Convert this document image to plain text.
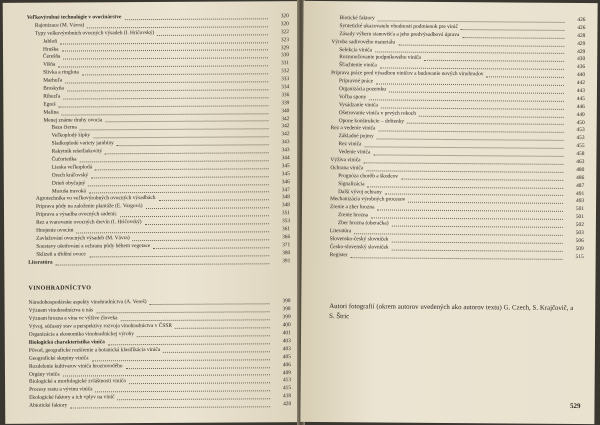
Veľkovýrobné technológie v ovocinárstve	320
Rajonizace (M. Vávra)	320
Typy velkovýrobních ovocných výsadeb (I. Hričovský)	322
Jabloň	323
Hruška	329
Čerešňa	330
Višňa	331
Slivka a ringlota	332
Marhuľa	333
Broskyňa	334
Ríbezľa	336
Egreš	339
Malina	340
Menej známe druhy ovocia	342
Baza čierna	342
Veľkoplodý šípky	342
Sladkoplodé variety jarabiny	343
Rakytník rešetliakovitý	343
Čučoriedka	344
Lieska veľkoplodá	345
Orech kráľovský	345
Drieň obyčajný	346
Moruša travoká	347
Agrotechnika vo veľkovýrobných ovocných výsadbách	348
Príprava pôdy na založenie plantáže (E. Vargová)	348
Príprava a výsadba ovocných sadeníc	351
Rez a tvarovanie ovocných drevín (I. Hričovský)	353
Hnojenie ovocím	361
Zavlažování ovocných výsadeb (M. Vávra)	366
Soustavy ošetřování a ochranu půdy během vegetace	371
Sklizeň a třídění ovoce	380
Literatúra	391
VINOHRADNÍCTVO
Národohospodárske aspekty vinohradníctva (A. Vereš)	398
Význam vinohradníctva u nás	398
Význam hrozna a vína ve výžive človeka	399
Vývoj, súčasný stav a perspektívy rozvoja vinohradníctva v ČSSR	400
Organizácia a ekonomika vinohradníckej výroby	401
Biologická charakteristika viniča	403
Pôvod, geografické rozšírenie a botanická klasifikácia viniča	403
Geografické skupiny viniča	405
Rozdelenie kultivarov viniča hroznorodého	406
Orgány viniča	409
Biologické a morfologické zvláštnosti viniča	413
Procesy rastu a vývinu viniča	415
Ekologické faktory a ich vplyv na vinič	418
Abiotické faktory	420
Biotické faktory	426
Syntetické ukazovatele vhodnosti podmienok pre vinič	426
Zásady výberu stanovišťa a jeho predvýsadbová úprava	428
Výroba sadivového materiálu	429
Selekcia viniča	429
Rozmnožovanie podpníkového viniča	430
Šľachtenie viniča	436
Príprava práce pred výsadbou viničov a budovanie nových vinohradov	440
Prípravné práce	442
Organizácia pozemku	443
Voľba spony	445
Vysádzanie viniča	446
Ošetrovanie viniča v prvých rokoch	449
Opone konštrukcie – drôtenky	450
Rez a vedenie viniča	453
Základné pojmy	453
Rez viniča	455
Vedenie viniča	458
Výživa viniča	463
Ochrana viniča	480
Prognóza chorôb a škodcov	486
Signalizácia	487
Další vývoj ochrany	491
Mechanizácia výrobných procesov	493
Zrenie a zber hrozna	501
Zrenie hrozna	501
Zber hrozna (oberačka)	502
Literatúra	503
Slovensko-český slovníček	506
Česko-slovenský slovníček	509
Register	515
Autori fotografií (okrem autorov uvedených ako autorov textu) G. Czech, S. Krajčovič, a S. Štric
529
